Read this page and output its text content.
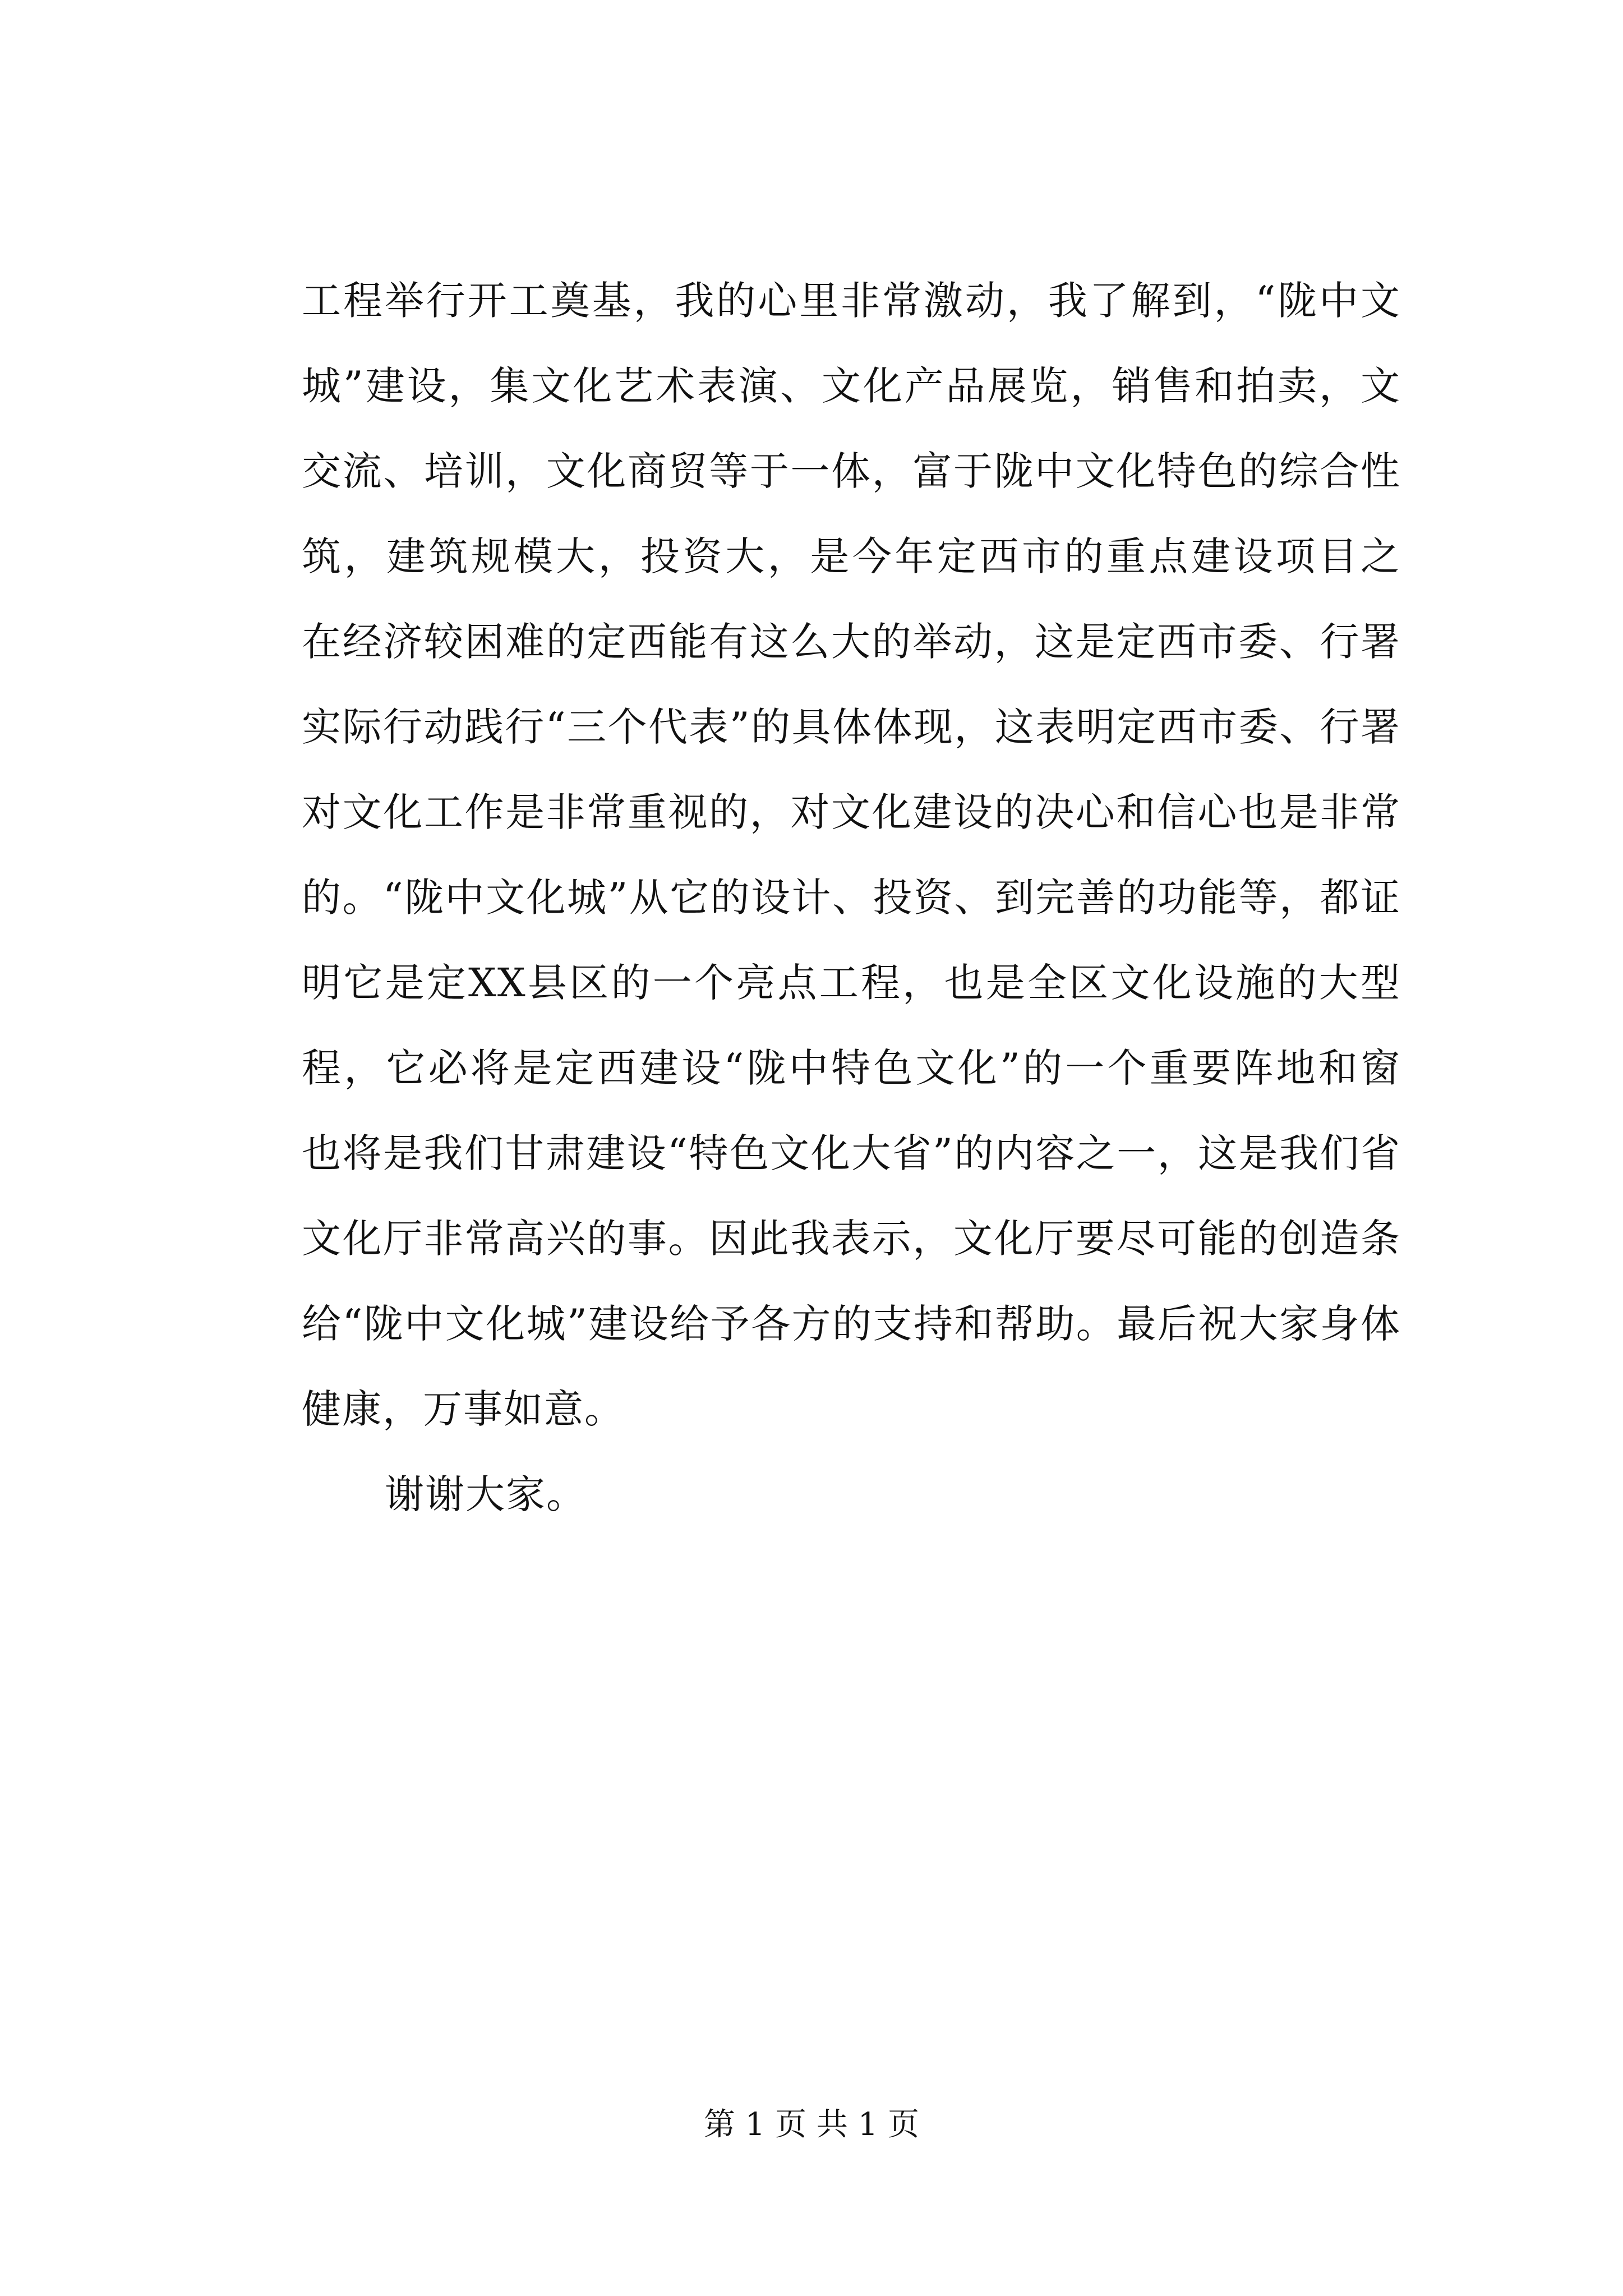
工程举行开工奠基，我的心里非常激动，我了解到，“陇中文
城”建设，集文化艺术表演、文化产品展览，销售和拍卖，文
交流、培训，文化商贸等于一体，富于陇中文化特色的综合性
筑，建筑规模大，投资大，是今年定西市的重点建设项目之
在经济较困难的定西能有这么大的举动，这是定西市委、行署
实际行动践行“三个代表”的具体体现，这表明定西市委、行署
对文化工作是非常重视的，对文化建设的决心和信心也是非常
的。“陇中文化城”从它的设计、投资、到完善的功能等，都证
明它是定XX县区的一个亮点工程，也是全区文化设施的大型
程，它必将是定西建设“陇中特色文化”的一个重要阵地和窗
也将是我们甘肃建设“特色文化大省”的内容之一，这是我们省
文化厅非常高兴的事。因此我表示，文化厅要尽可能的创造条
给“陇中文化城”建设给予各方的支持和帮助。最后祝大家身体
健康，万事如意。
谢谢大家。
第 1 页 共 1 页
